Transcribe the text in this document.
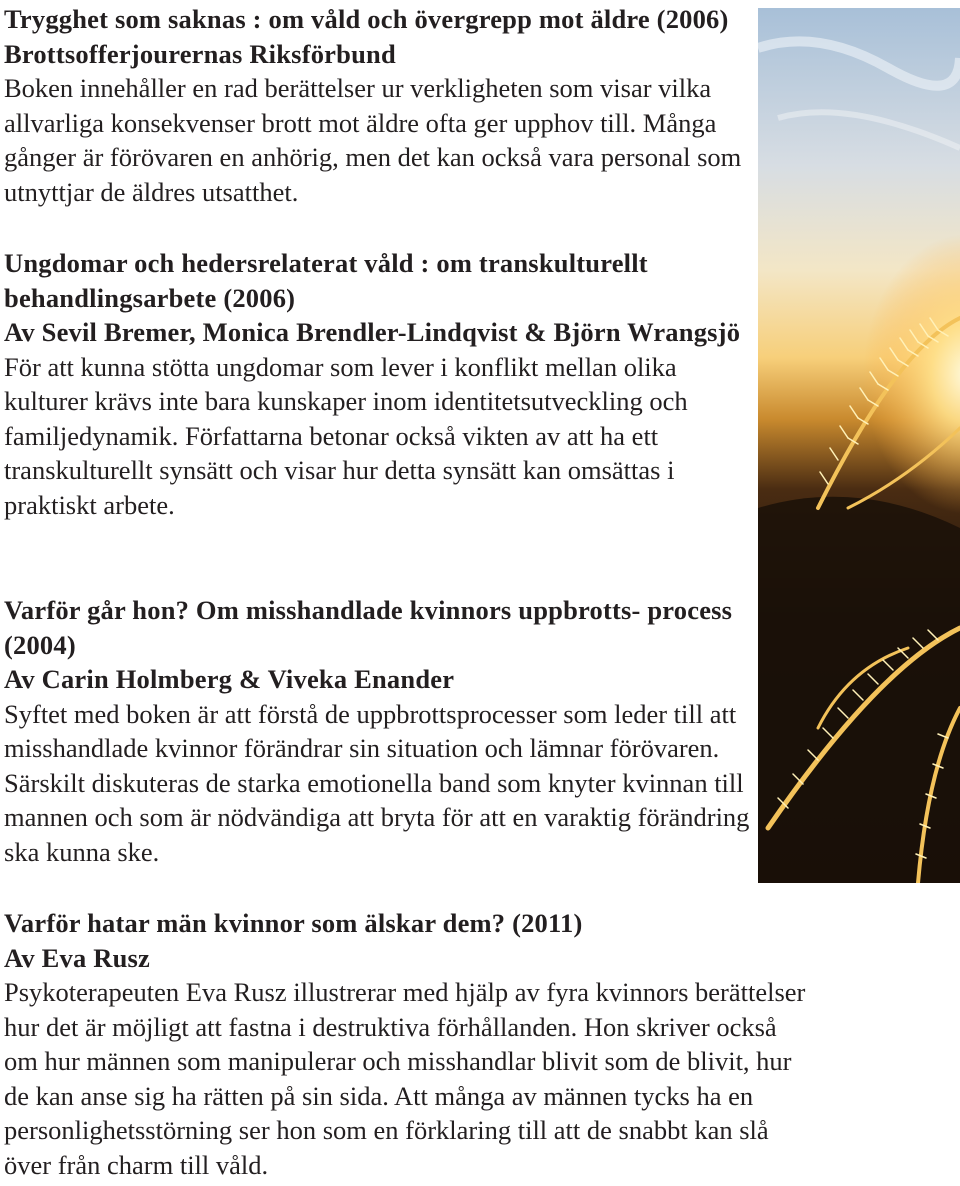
Trygghet som saknas : om våld och övergrepp mot äldre (2006) Brottsofferjourernas Riksförbund

Boken innehåller en rad berättelser ur verkligheten som visar vilka allvarliga konsekvenser brott mot äldre ofta ger upphov till. Många gånger är förövaren en anhörig, men det kan också vara personal som utnyttjar de äldres utsatthet.

Ungdomar och hedersrelaterat våld : om transkulturellt behandlingsarbete (2006)

Av Sevil Bremer, Monica Brendler-Lindqvist & Björn Wrangsjö

För att kunna stötta ungdomar som lever i konflikt mellan olika kulturer krävs inte bara kunskaper inom identitetsutveckling och familjedynamik. Författarna betonar också vikten av att ha ett transkulturellt synsätt och visar hur detta synsätt kan omsättas i praktiskt arbete.

Varför går hon? Om misshandlade kvinnors uppbrotts- process (2004)

Av Carin Holmberg & Viveka Enander

Syftet med boken är att förstå de uppbrottsprocesser som leder till att misshandlade kvinnor förändrar sin situation och lämnar förövaren. Särskilt diskuteras de starka emotionella band som knyter kvinnan till mannen och som är nödvändiga att bryta för att en varaktig förändring ska kunna ske.

Varför hatar män kvinnor som älskar dem? (2011)

Av Eva Rusz

Psykoterapeuten Eva Rusz illustrerar med hjälp av fyra kvinnors berättelser hur det är möjligt att fastna i destruktiva förhållanden. Hon skriver också om hur männen som manipulerar och misshandlar blivit som de blivit, hur de kan anse sig ha rätten på sin sida. Att många av männen tycks ha en personlighetsstörning ser hon som en förklaring till att de snabbt kan slå över från charm till våld.
